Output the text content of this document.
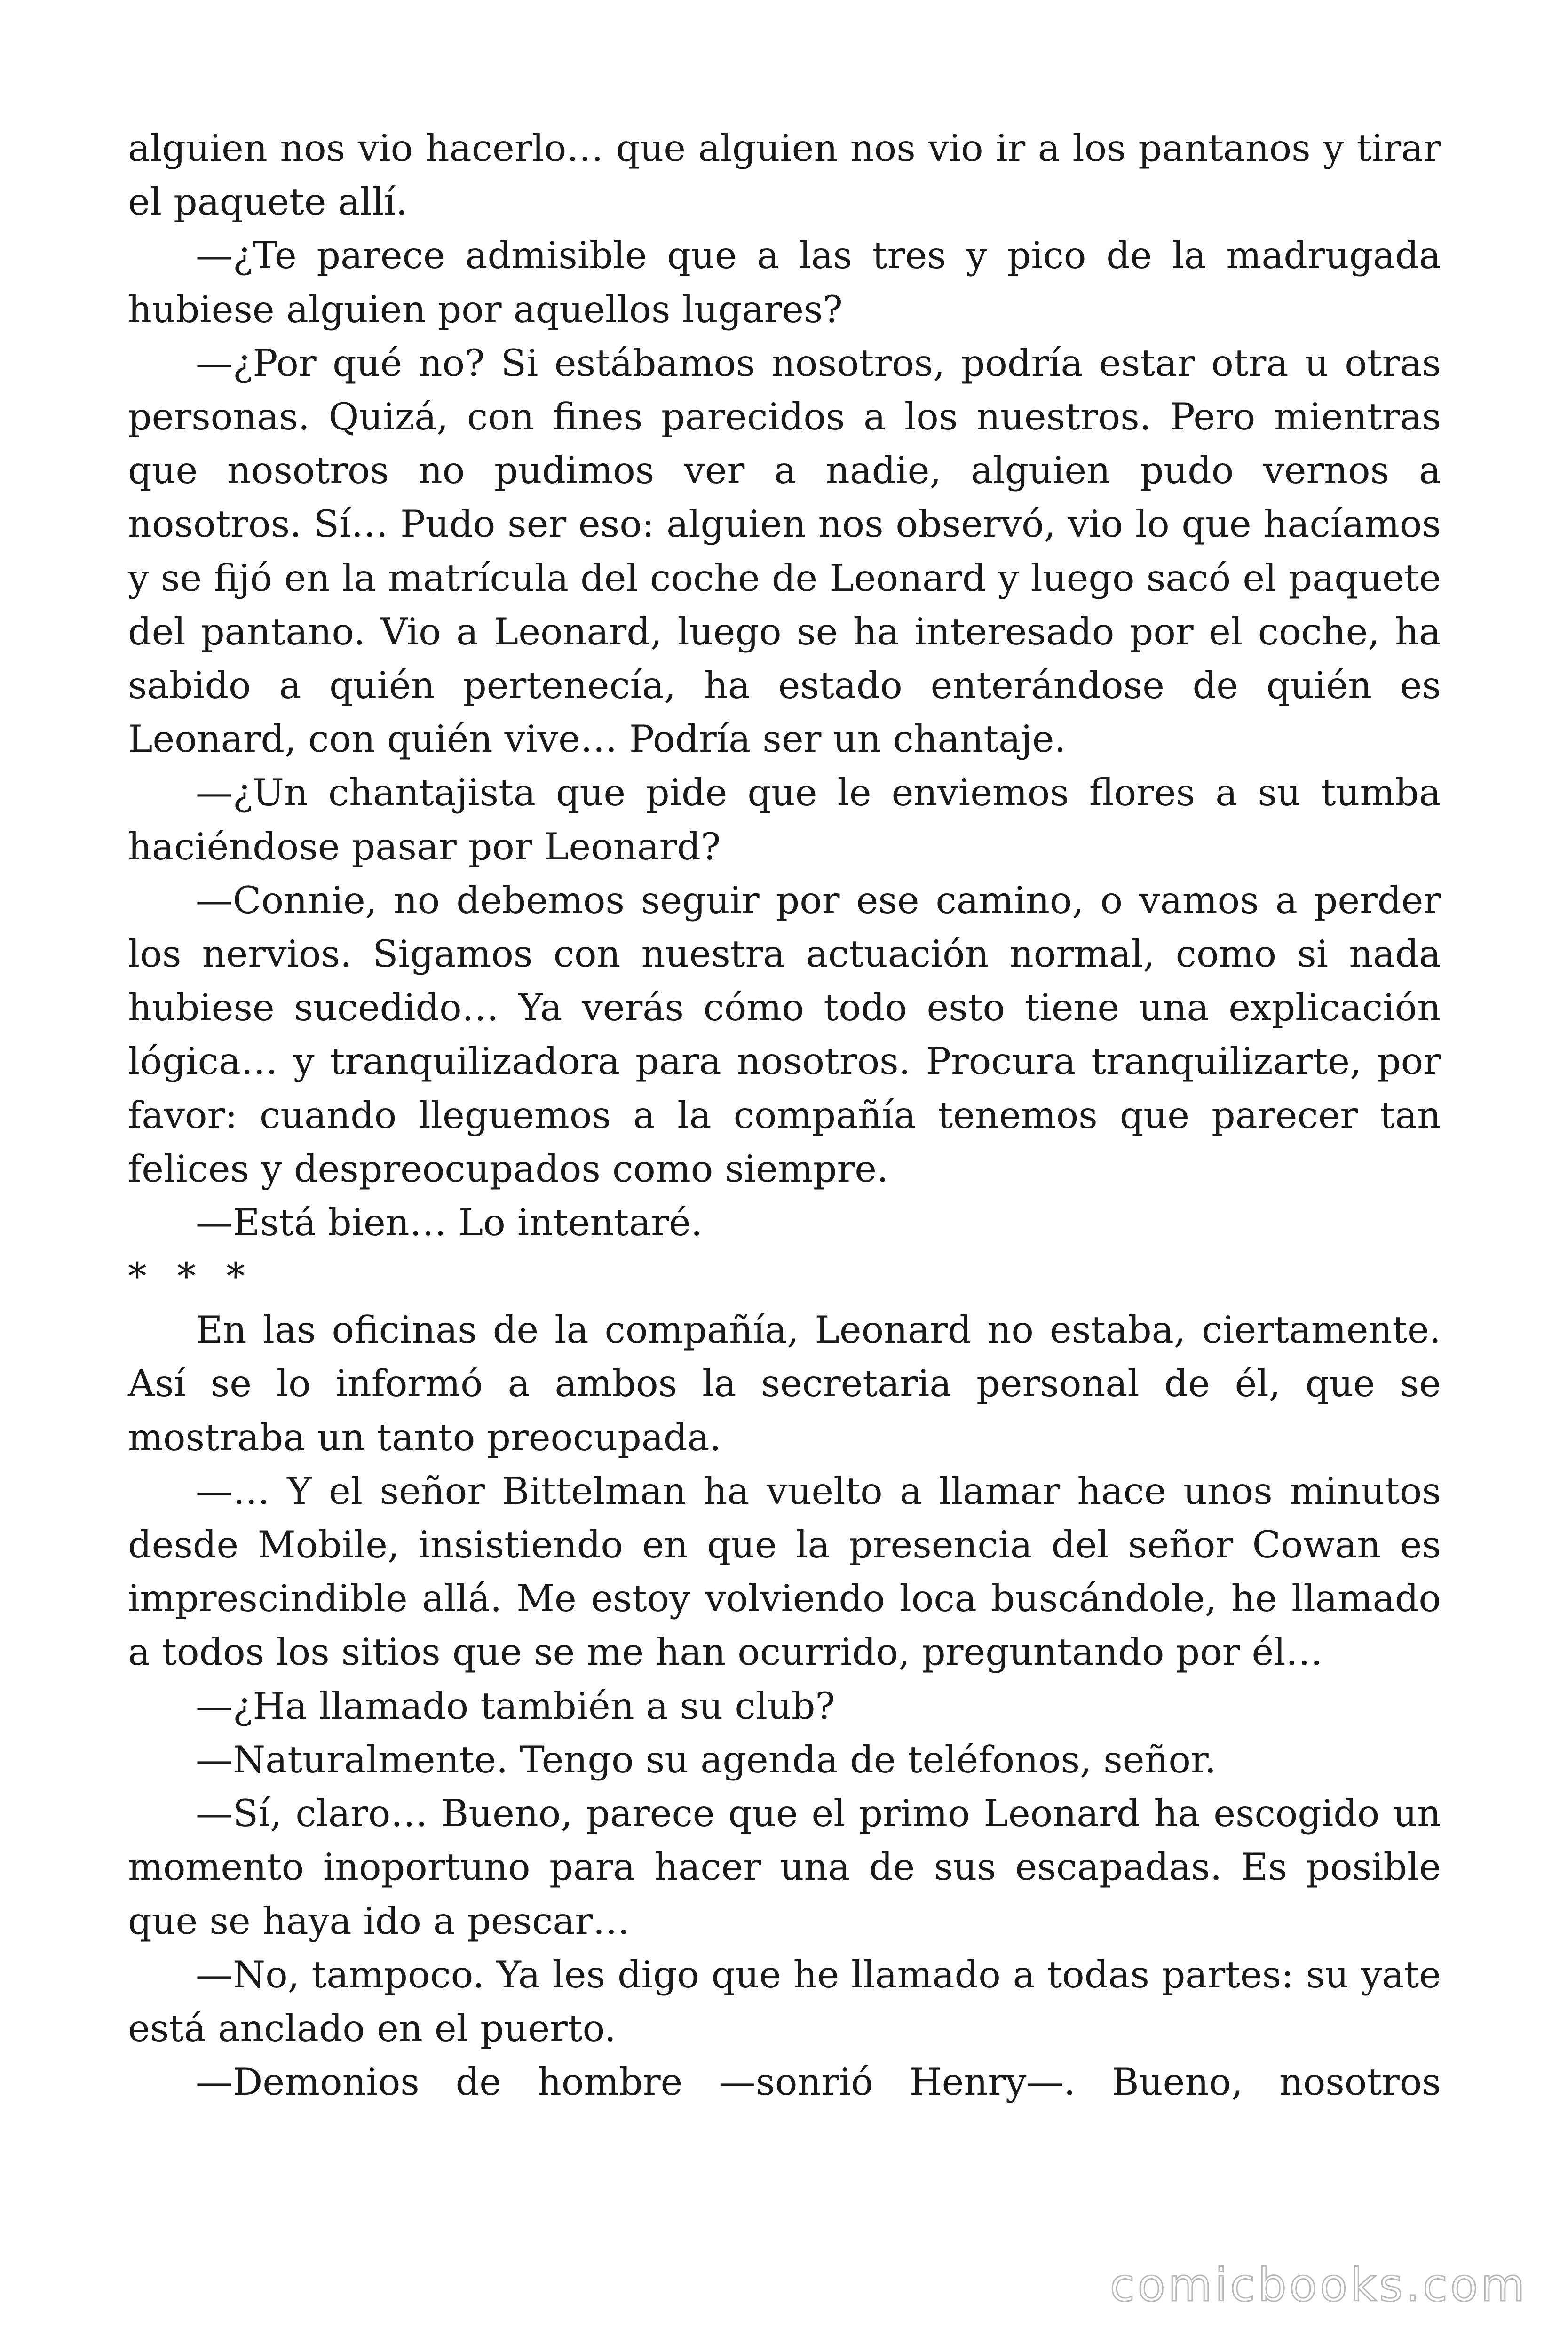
alguien nos vio hacerlo… que alguien nos vio ir a los pantanos y tirar el paquete allí.

—¿Te parece admisible que a las tres y pico de la madrugada hubiese alguien por aquellos lugares?

—¿Por qué no? Si estábamos nosotros, podría estar otra u otras personas. Quizá, con fines parecidos a los nuestros. Pero mientras que nosotros no pudimos ver a nadie, alguien pudo vernos a nosotros. Sí… Pudo ser eso: alguien nos observó, vio lo que hacíamos y se fijó en la matrícula del coche de Leonard y luego sacó el paquete del pantano. Vio a Leonard, luego se ha interesado por el coche, ha sabido a quién pertenecía, ha estado enterándose de quién es Leonard, con quién vive… Podría ser un chantaje.

—¿Un chantajista que pide que le enviemos flores a su tumba haciéndose pasar por Leonard?

—Connie, no debemos seguir por ese camino, o vamos a perder los nervios. Sigamos con nuestra actuación normal, como si nada hubiese sucedido… Ya verás cómo todo esto tiene una explicación lógica… y tranquilizadora para nosotros. Procura tranquilizarte, por favor: cuando lleguemos a la compañía tenemos que parecer tan felices y despreocupados como siempre.

—Está bien… Lo intentaré.

* * *

En las oficinas de la compañía, Leonard no estaba, ciertamente. Así se lo informó a ambos la secretaria personal de él, que se mostraba un tanto preocupada.

—… Y el señor Bittelman ha vuelto a llamar hace unos minutos desde Mobile, insistiendo en que la presencia del señor Cowan es imprescindible allá. Me estoy volviendo loca buscándole, he llamado a todos los sitios que se me han ocurrido, preguntando por él…

—¿Ha llamado también a su club?

—Naturalmente. Tengo su agenda de teléfonos, señor.

—Sí, claro… Bueno, parece que el primo Leonard ha escogido un momento inoportuno para hacer una de sus escapadas. Es posible que se haya ido a pescar…

—No, tampoco. Ya les digo que he llamado a todas partes: su yate está anclado en el puerto.

—Demonios de hombre —sonrió Henry—. Bueno, nosotros

comicbooks.com
